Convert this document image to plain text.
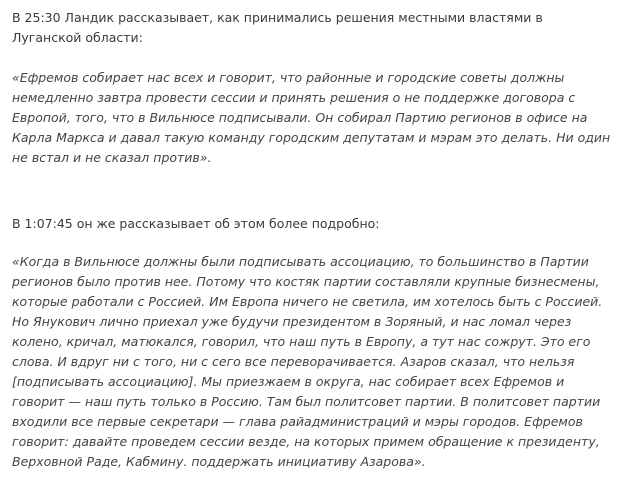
В 25:30 Ландик рассказывает, как принимались решения местными властями в Луганской области:

«Ефремов собирает нас всех и говорит, что районные и городские советы должны немедленно завтра провести сессии и принять решения о не поддержке договора с Европой, того, что в Вильнюсе подписывали. Он собирал Партию регионов в офисе на Карла Маркса и давал такую команду городским депутатам и мэрам это делать. Ни один не встал и не сказал против».

В 1:07:45 он же рассказывает об этом более подробно:

«Когда в Вильнюсе должны были подписывать ассоциацию, то большинство в Партии регионов было против нее. Потому что костяк партии составляли крупные бизнесмены, которые работали с Россией. Им Европа ничего не светила, им хотелось быть с Россией. Но Янукович лично приехал уже будучи президентом в Зоряный, и нас ломал через колено, кричал, матюкался, говорил, что наш путь в Европу, а тут нас сожрут. Это его слова. И вдруг ни с того, ни с сего все переворачивается. Азаров сказал, что нельзя [подписывать ассоциацию]. Мы приезжаем в округа, нас собирает всех Ефремов и говорит — наш путь только в Россию. Там был политсовет партии. В политсовет партии входили все первые секретари — глава райадминистраций и мэры городов. Ефремов говорит: давайте проведем сессии везде, на которых примем обращение к президенту, Верховной Раде, Кабмину. поддержать инициативу Азарова».
